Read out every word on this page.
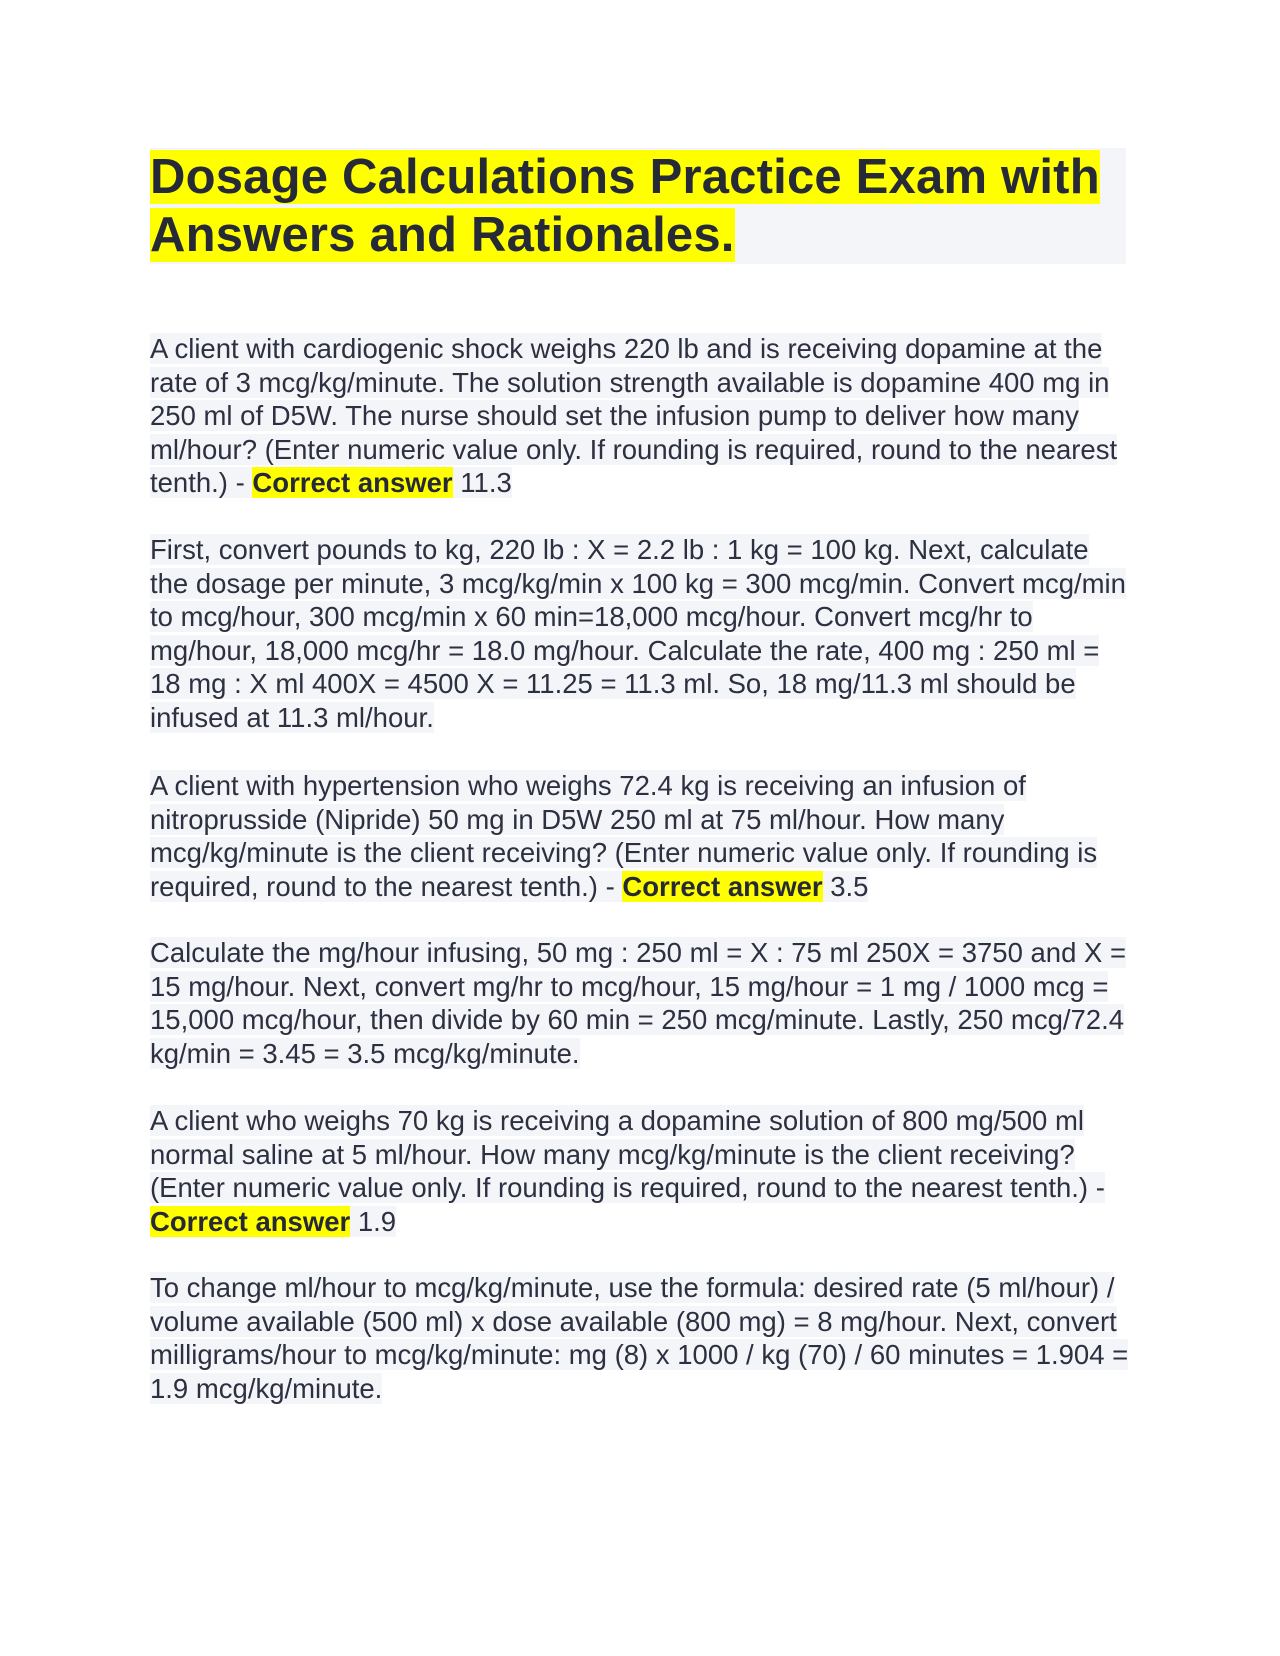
Dosage Calculations Practice Exam with Answers and Rationales.

A client with cardiogenic shock weighs 220 lb and is receiving dopamine at the rate of 3 mcg/kg/minute. The solution strength available is dopamine 400 mg in 250 ml of D5W. The nurse should set the infusion pump to deliver how many ml/hour? (Enter numeric value only. If rounding is required, round to the nearest tenth.) - Correct answer 11.3

First, convert pounds to kg, 220 lb : X = 2.2 lb : 1 kg = 100 kg. Next, calculate the dosage per minute, 3 mcg/kg/min x 100 kg = 300 mcg/min. Convert mcg/min to mcg/hour, 300 mcg/min x 60 min=18,000 mcg/hour. Convert mcg/hr to mg/hour, 18,000 mcg/hr = 18.0 mg/hour. Calculate the rate, 400 mg : 250 ml = 18 mg : X ml 400X = 4500 X = 11.25 = 11.3 ml. So, 18 mg/11.3 ml should be infused at 11.3 ml/hour.

A client with hypertension who weighs 72.4 kg is receiving an infusion of nitroprusside (Nipride) 50 mg in D5W 250 ml at 75 ml/hour. How many mcg/kg/minute is the client receiving? (Enter numeric value only. If rounding is required, round to the nearest tenth.) - Correct answer 3.5

Calculate the mg/hour infusing, 50 mg : 250 ml = X : 75 ml 250X = 3750 and X = 15 mg/hour. Next, convert mg/hr to mcg/hour, 15 mg/hour = 1 mg / 1000 mcg = 15,000 mcg/hour, then divide by 60 min = 250 mcg/minute. Lastly, 250 mcg/72.4 kg/min = 3.45 = 3.5 mcg/kg/minute.

A client who weighs 70 kg is receiving a dopamine solution of 800 mg/500 ml normal saline at 5 ml/hour. How many mcg/kg/minute is the client receiving? (Enter numeric value only. If rounding is required, round to the nearest tenth.) - Correct answer 1.9

To change ml/hour to mcg/kg/minute, use the formula: desired rate (5 ml/hour) / volume available (500 ml) x dose available (800 mg) = 8 mg/hour. Next, convert milligrams/hour to mcg/kg/minute: mg (8) x 1000 / kg (70) / 60 minutes = 1.904 = 1.9 mcg/kg/minute.
